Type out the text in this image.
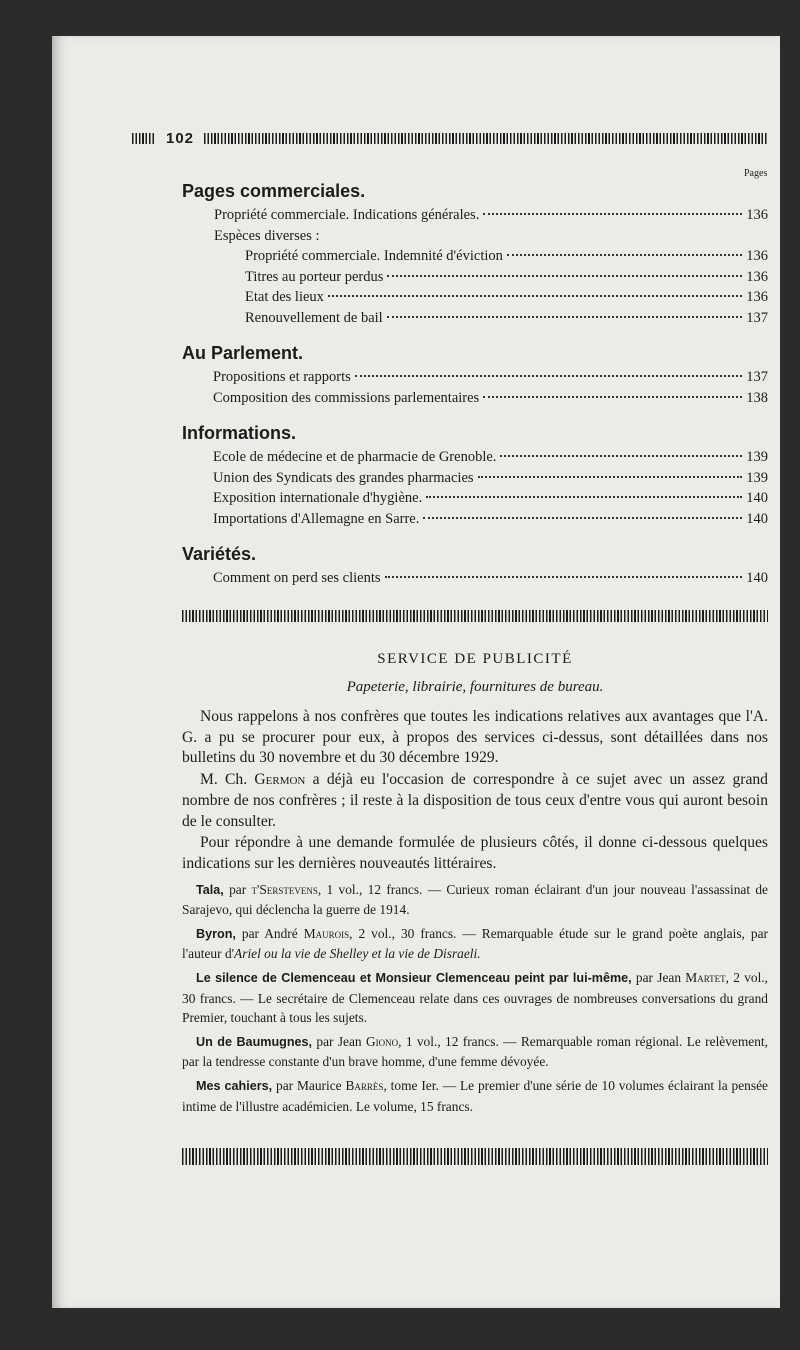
102
Pages
Pages commerciales.
Propriété commerciale. Indications générales.	136
Espèces diverses :
Propriété commerciale. Indemnité d'éviction	136
Titres au porteur perdus	136
Etat des lieux	136
Renouvellement de bail	137
Au Parlement.
Propositions et rapports	137
Composition des commissions parlementaires	138
Informations.
Ecole de médecine et de pharmacie de Grenoble.	139
Union des Syndicats des grandes pharmacies	139
Exposition internationale d'hygiène.	140
Importations d'Allemagne en Sarre.	140
Variétés.
Comment on perd ses clients	140
SERVICE DE PUBLICITÉ
Papeterie, librairie, fournitures de bureau.

Nous rappelons à nos confrères que toutes les indications relatives aux avantages que l'A. G. a pu se procurer pour eux, à propos des services ci-dessus, sont détaillées dans nos bulletins du 30 novembre et du 30 décembre 1929.

M. Ch. Germon a déjà eu l'occasion de correspondre à ce sujet avec un assez grand nombre de nos confrères ; il reste à la disposition de tous ceux d'entre vous qui auront besoin de le consulter.

Pour répondre à une demande formulée de plusieurs côtés, il donne ci-dessous quelques indications sur les dernières nouveautés littéraires.

Tala, par t'Serstevens, 1 vol., 12 francs. — Curieux roman éclairant d'un jour nouveau l'assassinat de Sarajevo, qui déclencha la guerre de 1914.

Byron, par André Maurois, 2 vol., 30 francs. — Remarquable étude sur le grand poète anglais, par l'auteur d'Ariel ou la vie de Shelley et la vie de Disraeli.

Le silence de Clemenceau et Monsieur Clemenceau peint par lui-même, par Jean Martet, 2 vol., 30 francs. — Le secrétaire de Clemenceau relate dans ces ouvrages de nombreuses conversations du grand Premier, touchant à tous les sujets.

Un de Baumugnes, par Jean Giono, 1 vol., 12 francs. — Remarquable roman régional. Le relèvement, par la tendresse constante d'un brave homme, d'une femme dévoyée.

Mes cahiers, par Maurice Barrès, tome Ier. — Le premier d'une série de 10 volumes éclairant la pensée intime de l'illustre académicien. Le volume, 15 francs.
